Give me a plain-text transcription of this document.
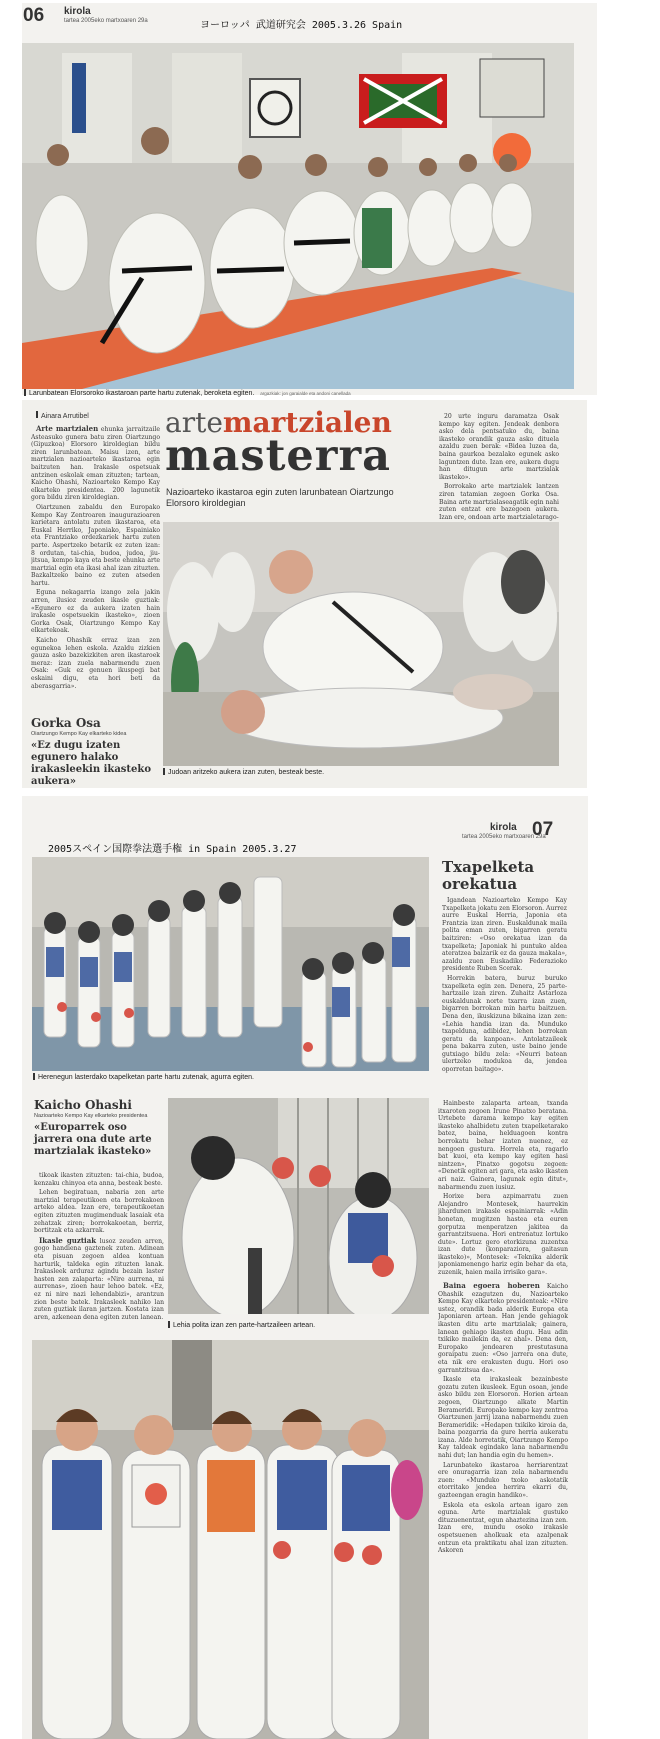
06 kirola
tartea 2005eko martxoaren 29a	ヨーロッパ 武道研究会 2005.3.26 Spain
Larunbatean Elorsoroko ikastaroan parte hartu zutenak, beroketa egiten. argazkiak: jon garaialde eta andoni canellada
Ainara Arrutibel

Arte martzialen ehunka jarraitzaile Asteasuko gunera batu ziren Oiartzungo (Gipuzkoa) Elorsoro kiroldegian bildu ziren larunbatean. Maisu izen, arte martzialen nazioarteko ikastaroa egin baitzuten han. Irakasle ospetsuak antzinen eskolak eman zituzten; tartean, Kaicho Ohashi, Nazioarteko Kempo Kay elkarteko presidentea. 200 lagunetik gora bildu ziren kiroldegian.

Oiartzunen zabaldu den Europako Kempo Kay Zentroaren inaugurazioaren karietara antolatu zuten ikastaroa, eta Euskal Herriko, Japoniako, Espainiako eta Frantziako ordezkariek hartu zuten parte. Aspertzeko betarik ez zuten izan: 8 ordutan, tai-chia, budoa, judoa, jiu-jitsua, kempo kaya eta beste ehunka arte martzial egin eta ikasi ahal izan zituzten. Bazkaltzeko baino ez zuten atseden hartu.

Eguna nekagarria izango zela jakin arren, ilusioz zeuden ikasle guztiak: «Egunero ez da aukera izaten hain irakasle ospetsuekin ikasteko», zioen Gorka Osak, Oiartzungo Kempo Kay elkartekoak.

Kaicho Ohashik erraz izan zen egunekoa lehen eskola. Azaldu zizkien gauza asko bazekizkiten aren ikastaroek meraz: izan zuela nabarmendu zuen Osak: «Guk ez genuen ikuspegi bat eskaini digu, eta hori beti da aberasgarria».

Gorka Osa
Oiartzungo Kempo Kay elkarteko kidea
«Ez dugu izaten egunero halako irakasleekin ikasteko aukera»
artemartzialen
masterra
Nazioarteko ikastaroa egin zuten larunbatean Oiartzungo Elorsoro kiroldegian

20 urte inguru daramatza Osak kempo kay egiten. Jendeak denbora asko dela pentsatuko du, baina ikasteko orandik gauza asko dituela azaldu zuen berak: «Bidea luzea da, baina gaurkoa bezalako egunek asko laguntzen dute. Izan ere, aukera dugu han ditugun arte martzialak ikasteko».

Borrokako arte martzialek lantzen ziren tatamian zegoen Gorka Osa. Baina arte martzialaseagatik egin nahi zuten entzat ere bazegoen aukera. Izan ere, ondoan arte martzialetarago-

Judoan aritzeko aukera izan zuten, besteak beste.
2005スペイン国際拳法選手権 in Spain 2005.3.27
kirola
tartea 2005eko martxoaren 29a
07
Herenegun lasterdako txapelketan parte hartu zutenak, agurra egiten.
Txapelketa orekatua

Igandean Nazioarteko Kempo Kay Txapelketa jokatu zen Elorsoron. Aurrez aurre Euskal Herria, Japonia eta Frantzia izan ziren. Euskaldunak maila polita eman zuten, bigarren geratu baitziren: «Oso orekatua izan da txapelketa; Japoniak hi puntuko aldea ateratzea baizarik ez da gauza makala», azaldu zuen Euskadiko Federazioko presidente Ruben Scerak.

Horrekin batera, buruz buruko txapelketa egin zen. Denera, 25 parte-hartzaile izan ziren. Zuhaitz Astarloza euskaldunak norte txarra izan zuen, bigarren borrokan min hartu baitzuen. Dena den, ikuskizuna bikaina izan zen: «Lehia handia izan da. Munduko txapelduna, adibidez, lehen borrokan geratu da kanpoan». Antolatzaileek pena bakarra zuten, uste baino jende gutxiago bildu zela: «Neurri batean ulertzeko modukoa da, jendea oporretan baitago».

Kaicho Ohashi
Nazioarteko Kempo Kay elkarteko presidentea
«Europarrek oso jarrera ona dute arte martzialak ikasteko»

tikoak ikasten zituzten: tai-chia, budoa, kenzaku chinyoa eta anna, besteak beste.

Lehen begiratuan, nabaria zen arte martzial terapeutikoen eta borrokakoen arteko aldea. Izan ere, terapeutikoetan egiten zituzten mugimenduak lasaiak eta zehatzak ziren; borrokakoetan, berriz, bortitzak eta azkarrak.

Ikasle guztiak lusoz zeuden arren, gogo handiena gaztenek zuten. Adinean eta pisuan zegoen aldea kontuan harturik, taldeka egin zituzten lanak. Irakasleek arduraz agindu bezain laster hasten zen zalaparta: «Nire aurrena, ni aurrenas», zioen haur lehoo batek. «Ez, ez ni nire nazi lehendabizi», arantzun zion beste batek. Irakasleek nahiko lan zuten guztiak ilaran jartzen. Kostata izan aren, azkenean dena egiten zuten lanean.

Lehia polita izan zen parte-hartzaileen artean.

Hainbeste zalaparta artean, txanda itxaroten zegoen Irune Pinatxo beratana. Urtebete darama kempo kay egiten ikasteko ahalbidetu zuten txapelketarako batez, baina, helduagoen kontra borrokatu behar izaten nuenez, ez nengoen gustura. Horrela eta, ragarlo bat kuoi, eta kempo kay egiten hasi nintzen», Pinatxo gogotsu zegoen: «Denetik egiten ari gara, eta asko ikasten ari naiz. Gainera, lagunak egin ditut», nabarmendu zuen iusiuz.

Horixe bera azpimarratu zuen Alejandro Montesek, haurrekin jihardunen irakasle espainiarrak: «Adin honetan, mugitzen hastea eta euren gorputza menperatzen jakitea da garrantzitsuena. Hori entrenatuz lortuko dute». Lortuz gero etorkizuna zuzentxa izan dute (konparaziora, gaitasun ikasteko)», Montesek: «Teknika alderik japoniamenengo hariz egin behar da eta, zuzenik, haien maila irrisiko gara».

Baina egoera hoberen Kaicho Ohashik ezagutzen du, Nazioarteko Kempo Kay elkarteko presidenteak: «Nire ustez, orandik bada alderik Europa eta Japoniaren artean. Han jende gehiagok ikasten ditu arte martzialak; gainera, lanean gehiago ikasten dugu. Hau adin txikiko mailekin da, ez ahal». Dena den, Europako jendearen prestutasuna goraipatu zuen: «Oso jarrera ona dute, eta nik ere erakusten dugu. Hori oso garrantzitsua da».

Ikasle eta irakasleak bezainbeste gozatu zuten ikusleek. Egun osoan, jende asko bildu zen Elorsoron. Horien artean zegoen, Oiartzungo alkate Martin Berameridi. Europako kempo kay zentroa Oiartzunen jarrij izana nabarmendu zuen Berameridik: «Hedapen txikiko kiroia da, baina pozgarria da gure herria aukeratu izana. Alde horretatik, Oiartzungo Kempo Kay taldeak egindako lana nabarmendu nahi dut; lan handia egin du hemen».

Larunbateko ikastaroa herriarentzat ere onuragarria izan zela nabarmendu zuen: «Munduko txoko askotatik etorritako jendea herrira ekarri du, gazteengan eragin handiko».

Eskola eta eskola artean igaro zen eguna. Arte martzialak gustuko dituzuenentzat, egun ahaztezina izan zen. Izan ere, mundu osoko irakasle ospetsuenen aholkuak eta azalpenak entzun eta praktikatu ahal izan zituzten. Askoren
